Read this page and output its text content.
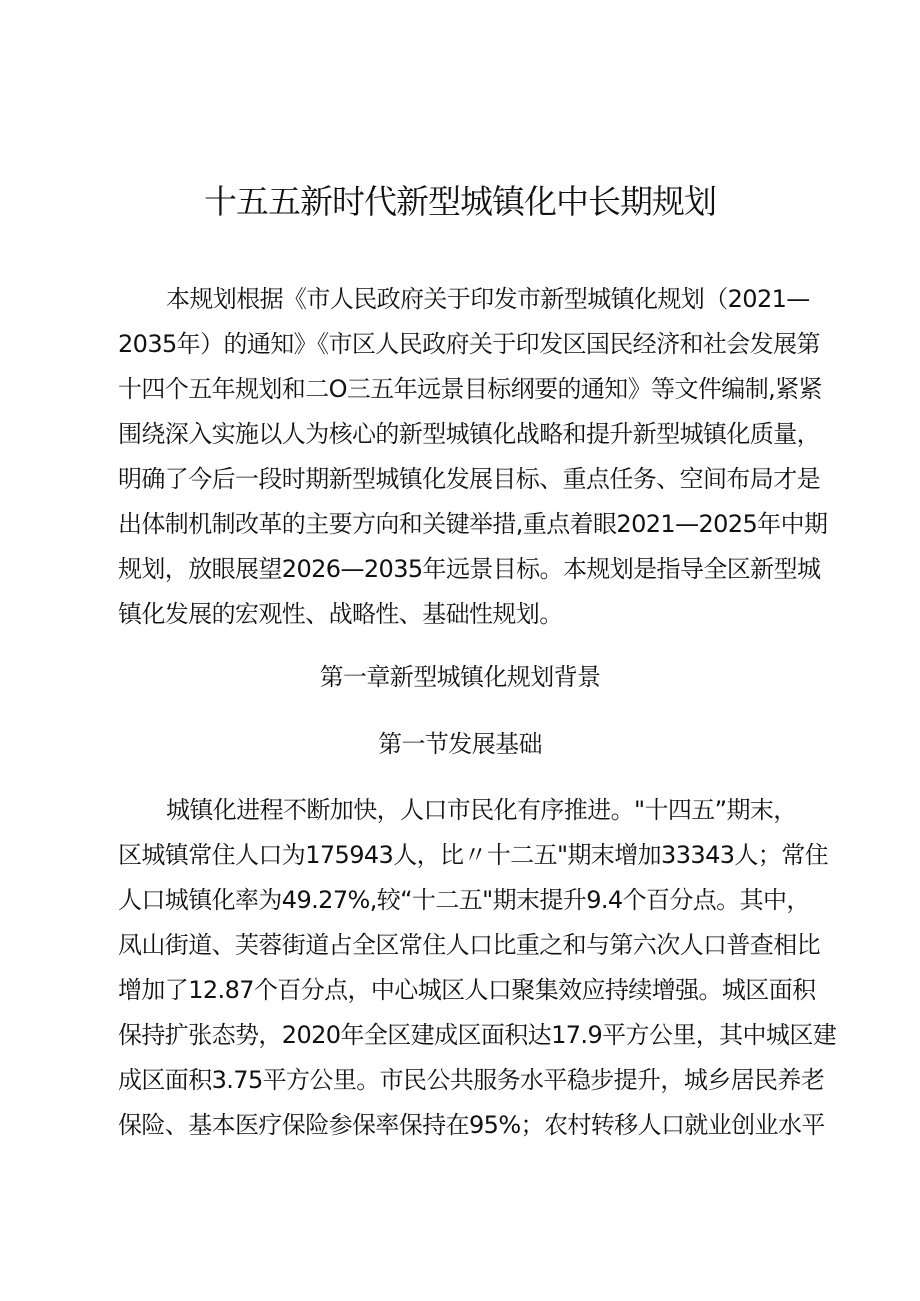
十五五新时代新型城镇化中长期规划
本规划根据《市人民政府关于印发市新型城镇化规划（2021—
2035年）的通知》《市区人民政府关于印发区国民经济和社会发展第
十四个五年规划和二O三五年远景目标纲要的通知》等文件编制,紧紧
围绕深入实施以人为核心的新型城镇化战略和提升新型城镇化质量，
明确了今后一段时期新型城镇化发展目标、重点任务、空间布局才是
出体制机制改革的主要方向和关键举措,重点着眼2021—2025年中期
规划，放眼展望2026—2035年远景目标。本规划是指导全区新型城
镇化发展的宏观性、战略性、基础性规划。
第一章新型城镇化规划背景
第一节发展基础
城镇化进程不断加快，人口市民化有序推进。"十四五”期末，
区城镇常住人口为175943人，比〃十二五"期末增加33343人；常住
人口城镇化率为49.27%,较“十二五"期末提升9.4个百分点。其中，
凤山街道、芙蓉街道占全区常住人口比重之和与第六次人口普查相比
增加了12.87个百分点，中心城区人口聚集效应持续增强。城区面积
保持扩张态势，2020年全区建成区面积达17.9平方公里，其中城区建
成区面积3.75平方公里。市民公共服务水平稳步提升，城乡居民养老
保险、基本医疗保险参保率保持在95%；农村转移人口就业创业水平
